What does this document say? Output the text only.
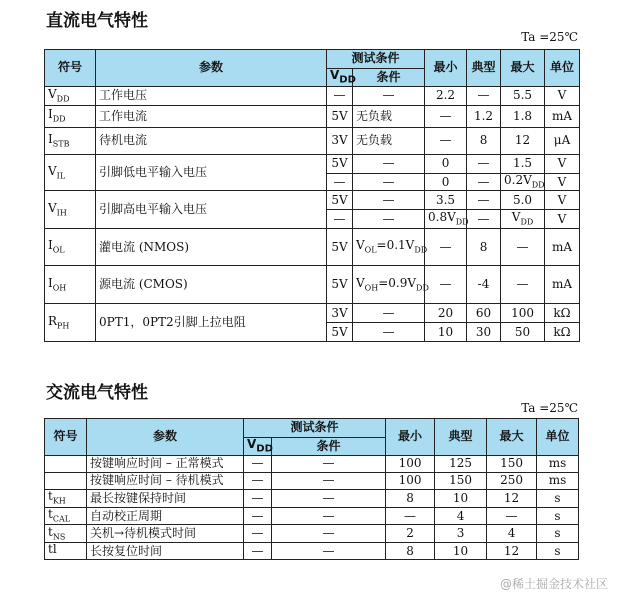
直流电气特性
Ta =25℃
符号	参数	测试条件		最小	典型	最大	单位
		$V_{DD}$	条件				
$V_{DD}$	工作电压	—	—	2.2	—	5.5	V
$I_{DD}$	工作电流	5V	无负载	—	1.2	1.8	mA
$I_{STB}$	待机电流	3V	无负载	—	8	12	μA
$V_{IL}$	引脚低电平输入电压	5V	—	0	—	1.5	V
		—	—	0	—	$0.2V_{DD}$	V
$V_{IH}$	引脚高电平输入电压	5V	—	3.5	—	5.0	V
		—	—	$0.8V_{DD}$	—	$V_{DD}$	V
$I_{OL}$	灌电流 (NMOS)	5V	$V_{OL}=0.1V_{DD}$	—	8	—	mA
$I_{OH}$	源电流 (CMOS)	5V	$V_{OH}=0.9V_{DD}$	—	-4	—	mA
$R_{PH}$	0PT1，0PT2引脚上拉电阻	3V	—	20	60	100	kΩ
		5V	—	10	30	50	kΩ
交流电气特性
Ta =25℃
符号	参数	测试条件		最小	典型	最大	单位
		$V_{DD}$	条件				
	按键响应时间 – 正常模式	—	—	100	125	150	ms
	按键响应时间 – 待机模式	—	—	100	150	250	ms
$t_{KH}$	最长按键保持时间	—	—	8	10	12	s
$t_{CAL}$	自动校正周期	—	—	—	4	—	s
$t_{NS}$	关机→待机模式时间	—	—	2	3	4	s
tl	长按复位时间	—	—	8	10	12	s
@稀土掘金技术社区
